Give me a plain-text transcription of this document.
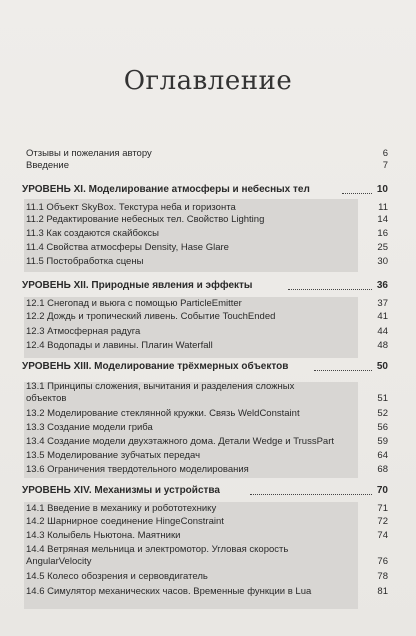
Оглавление
Отзывы и пожелания автору	6
Введение	7
УРОВЕНЬ XI. Моделирование атмосферы и небесных тел	10
11.1 Объект SkyBox. Текстура неба и горизонта	11
11.2 Редактирование небесных тел. Свойство Lighting	14
11.3 Как создаются скайбоксы	16
11.4 Свойства атмосферы Density, Hase Glare	25
11.5 Постобработка сцены	30
УРОВЕНЬ XII. Природные явления и эффекты	36
12.1 Снегопад и вьюга с помощью ParticleEmitter	37
12.2 Дождь и тропический ливень. Событие TouchEnded	41
12.3 Атмосферная радуга	44
12.4 Водопады и лавины. Плагин Waterfall	48
УРОВЕНЬ XIII. Моделирование трёхмерных объектов	50
13.1 Принципы сложения, вычитания и разделения сложных объектов	51
13.2 Моделирование стеклянной кружки. Связь WeldConstaint	52
13.3 Создание модели гриба	56
13.4 Создание модели двухэтажного дома. Детали Wedge и TrussPart	59
13.5 Моделирование зубчатых передач	64
13.6 Ограничения твердотельного моделирования	68
УРОВЕНЬ XIV. Механизмы и устройства	70
14.1 Введение в механику и робототехнику	71
14.2 Шарнирное соединение HingeConstraint	72
14.3 Колыбель Ньютона. Маятники	74
14.4 Ветряная мельница и электромотор. Угловая скорость AngularVelocity	76
14.5 Колесо обозрения и сервовдигатель	78
14.6 Симулятор механических часов. Временные функции в Lua	81
